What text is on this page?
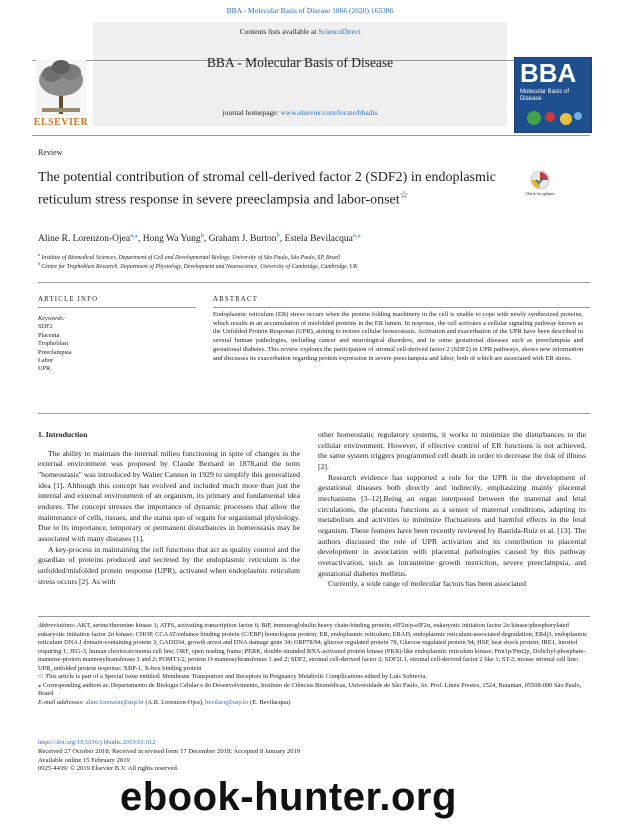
BBA - Molecular Basis of Disease 1866 (2020) 165386
ELSEVIER
Contents lists available at ScienceDirect
BBA - Molecular Basis of Disease
journal homepage: www.elsevier.com/locate/bbadis
BBA
Molecular Basis of Disease
Review
The potential contribution of stromal cell-derived factor 2 (SDF2) in endoplasmic reticulum stress response in severe preeclampsia and labor-onset☆	Check for updates
Aline R. Lorenzon-Ojea$^{a,⁎}$, Hong Wa Yung$^b$, Graham J. Burton$^b$, Estela Bevilacqua$^{a,⁎}$
$^a$ Institute of Biomedical Sciences, Department of Cell and Developmental Biology, University of São Paulo, São Paulo, SP, Brazil
$^b$ Centre for Trophoblast Research, Department of Physiology, Development and Neuroscience, University of Cambridge, Cambridge, UK
ARTICLE INFO	ABSTRACT
Keywords:
SDF2
Placenta
Trophoblast
Preeclampsia
Labor
UPR
Endoplasmic reticulum (ER) stress occurs when the protein folding machinery in the cell is unable to cope with newly synthesized proteins, which results in an accumulation of misfolded proteins in the ER lumen. In response, the cell activates a cellular signaling pathway known as the Unfolded Protein Response (UPR), aiming to restore cellular homeostasis. Activation and exacerbation of the UPR have been described in several human pathologies, including cancer and neurological disorders, and in some gestational diseases such as preeclampsia and gestational diabetes. This review explores the participation of stromal cell-derived factor 2 (SDF2) in UPR pathways, shows new information and discusses its exacerbation regarding protein expression in severe preeclampsia and labor, both of which are associated with ER stress.

1. Introduction

The ability to maintain the internal milieu functioning in spite of changes in the external environment was proposed by Claude Bernard in 1878,and the term "homeostasis" was introduced by Walter Cannon in 1929 to simplify this generalized idea [1]. Although this concept has evolved and included much more than just the internal and external environment of an organism, its primary and fundamental idea endures. The concept stresses the importance of dynamic processes that allow the maintenance of cells, tissues, and the status quo of organs for organismal physiology. Due to its importance, temporary or permanent disturbances in homeostasis may be associated with many diseases [1].

A key-process in maintaining the cell functions that act as quality control and the guardian of proteins produced and secreted by the endoplasmic reticulum is the unfolded/misfolded protein response (UPR), activated when endoplasmic reticulum stress occurs [2]. As with

other homeostatic regulatory systems, it works to minimize the disturbances to the cellular environment. However, if effective control of ER functions is not achieved, the same system triggers programmed cell death in order to decrease the risk of illness [2].

Research evidence has supported a role for the UPR in the development of gestational diseases both directly and indirectly, emphasizing mainly placental mechanisms [3–12].Being an organ interposed between the maternal and fetal circulations, the placenta functions as a sensor of maternal conditions, adapting its metabolism and activities to minimize fluctuations and harmful effects in the fetal organism. These features have been recently reviewed by Bastida-Ruiz et al. [13]. The authors discussed the role of UPR activation and its contribution to placental development in association with placental pathologies caused by this pathway overactivation, such as intrauterine growth restriction, severe preeclampsia, and gestational diabetes mellitus.

Currently, a wide range of molecular factors has been associated

Abbreviations: AKT, serine/threonine kinase 1; ATF6, activating transcription factor 6; BiP, immunoglobulin heavy chain-binding protein; eIF2α/p-eIF2α, eukaryotic initiation factor 2α kinase/phosphorylated eukaryotic initiation factor 2α kinase; CHOP, CCAAT/enhance binding protein (C/EBP) homologous protein; ER, endoplasmic reticulum; ERAD, endoplasmic reticulum-associated degradation; ERdj3, endoplasmic reticulum DNA J domain-containing protein 3; GADD34, growth arrest and DNA damage gene 34; GRP78/94, glucose regulated protein 78, Glucose regulated protein 94; HSP, heat shock protein; IRE1, inositol requiring 1; JEG-3, human choriocarcinoma cell line; ORF, open reading frame; PERK, double-stranded RNA-activated protein kinase (PKR)-like endoplasmic reticulum kinase; Pmt1p/Pmt2p, Dolichyl-phosphate-mannose-protein mannosyltransferase 1 and 2; POMT1/2, protein O-mannosyltransferase 1 and 2; SDF2, stromal cell-derived factor 2; SDF2L1, stromal cell-derived factor 2 like 1; ST-2, mouse stromal cell line; UPR, unfolded protein response; XBP-1, X-box binding protein

☆ This article is part of a Special Issue entitled: Membrane Transporters and Receptors in Pregnancy Metabolic Complications edited by Luís Sobrevia.

⁎ Corresponding authors at: Departamento de Biologia Celular e do Desenvolvimento, Instituto de Ciências Biomédicas, Universidade de São Paulo, Av. Prof. Lineu Prestes, 1524, Butantan, 05508-000 São Paulo, Brazil

E-mail addresses: aline.lorenzon@usp.br (A.R. Lorenzon-Ojea), bevilacq@usp.br (E. Bevilacqua).

https://doi.org/10.1016/j.bbadis.2019.01.012
Received 27 October 2018; Received in revised form 17 December 2018; Accepted 8 January 2019
Available online 15 February 2019
0925-4439/ © 2019 Elsevier B.V. All rights reserved.
ebook-hunter.org
